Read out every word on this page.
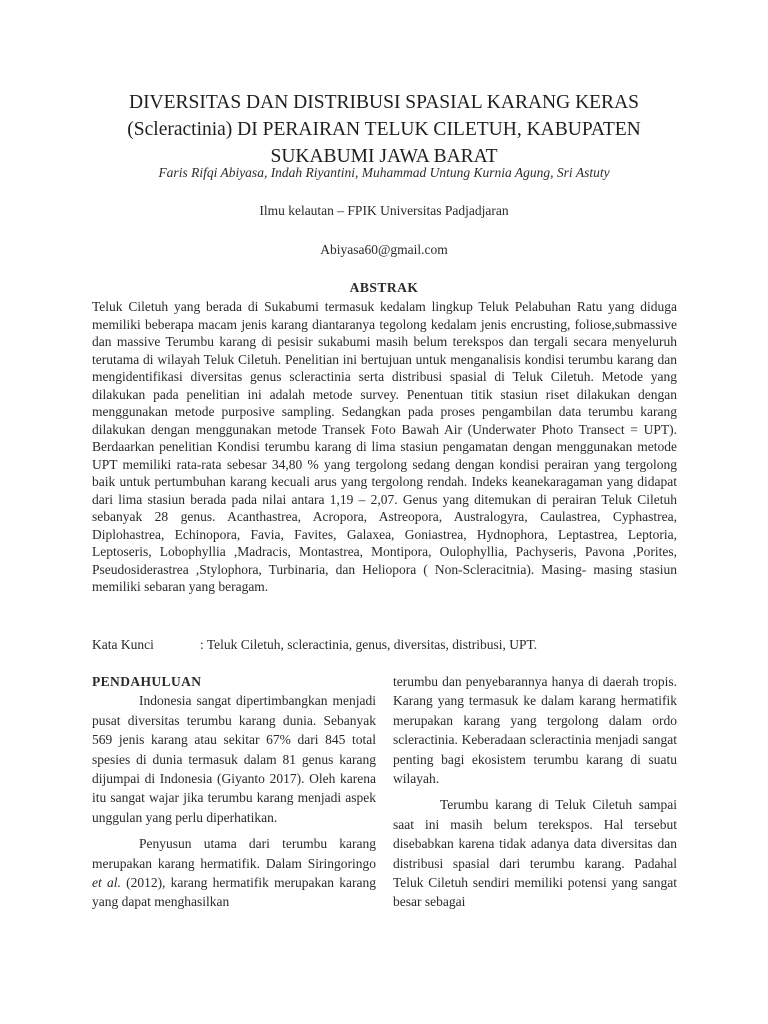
DIVERSITAS DAN DISTRIBUSI SPASIAL KARANG KERAS
(Scleractinia) DI PERAIRAN TELUK CILETUH, KABUPATEN
SUKABUMI JAWA BARAT
Faris Rifqi Abiyasa, Indah Riyantini, Muhammad Untung Kurnia Agung, Sri Astuty
Ilmu kelautan – FPIK Universitas Padjadjaran
Abiyasa60@gmail.com
ABSTRAK

Teluk Ciletuh yang berada di Sukabumi termasuk kedalam lingkup Teluk Pelabuhan Ratu yang diduga memiliki beberapa macam jenis karang diantaranya tegolong kedalam jenis encrusting, foliose,submassive dan massive Terumbu karang di pesisir sukabumi masih belum terekspos dan tergali secara menyeluruh terutama di wilayah Teluk Ciletuh. Penelitian ini bertujuan untuk menganalisis kondisi terumbu karang dan mengidentifikasi diversitas genus scleractinia serta distribusi spasial di Teluk Ciletuh. Metode yang dilakukan pada penelitian ini adalah metode survey. Penentuan titik stasiun riset dilakukan dengan menggunakan metode purposive sampling. Sedangkan pada proses pengambilan data terumbu karang dilakukan dengan menggunakan metode Transek Foto Bawah Air (Underwater Photo Transect = UPT). Berdaarkan penelitian Kondisi terumbu karang di lima stasiun pengamatan dengan menggunakan metode UPT memiliki rata-rata sebesar 34,80 % yang tergolong sedang dengan kondisi perairan yang tergolong baik untuk pertumbuhan karang kecuali arus yang tergolong rendah. Indeks keanekaragaman yang didapat dari lima stasiun berada pada nilai antara 1,19 – 2,07. Genus yang ditemukan di perairan Teluk Ciletuh sebanyak 28 genus. Acanthastrea, Acropora, Astreopora, Australogyra, Caulastrea, Cyphastrea, Diplohastrea, Echinopora, Favia, Favites, Galaxea, Goniastrea, Hydnophora, Leptastrea, Leptoria, Leptoseris, Lobophyllia ,Madracis, Montastrea, Montipora, Oulophyllia, Pachyseris, Pavona ,Porites, Pseudosiderastrea ,Stylophora, Turbinaria, dan Heliopora ( Non-Scleracitnia). Masing- masing stasiun memiliki sebaran yang beragam.

Kata Kunci	: Teluk Ciletuh, scleractinia, genus, diversitas, distribusi, UPT.
PENDAHULUAN

Indonesia sangat dipertimbangkan menjadi pusat diversitas terumbu karang dunia. Sebanyak 569 jenis karang atau sekitar 67% dari 845 total spesies di dunia termasuk dalam 81 genus karang dijumpai di Indonesia (Giyanto 2017). Oleh karena itu sangat wajar jika terumbu karang menjadi aspek unggulan yang perlu diperhatikan.

Penyusun utama dari terumbu karang merupakan karang hermatifik. Dalam Siringoringo et al. (2012), karang hermatifik merupakan karang yang dapat menghasilkan

terumbu dan penyebarannya hanya di daerah tropis. Karang yang termasuk ke dalam karang hermatifik merupakan karang yang tergolong dalam ordo scleractinia. Keberadaan scleractinia menjadi sangat penting bagi ekosistem terumbu karang di suatu wilayah.

Terumbu karang di Teluk Ciletuh sampai saat ini masih belum terekspos. Hal tersebut disebabkan karena tidak adanya data diversitas dan distribusi spasial dari terumbu karang. Padahal Teluk Ciletuh sendiri memiliki potensi yang sangat besar sebagai
